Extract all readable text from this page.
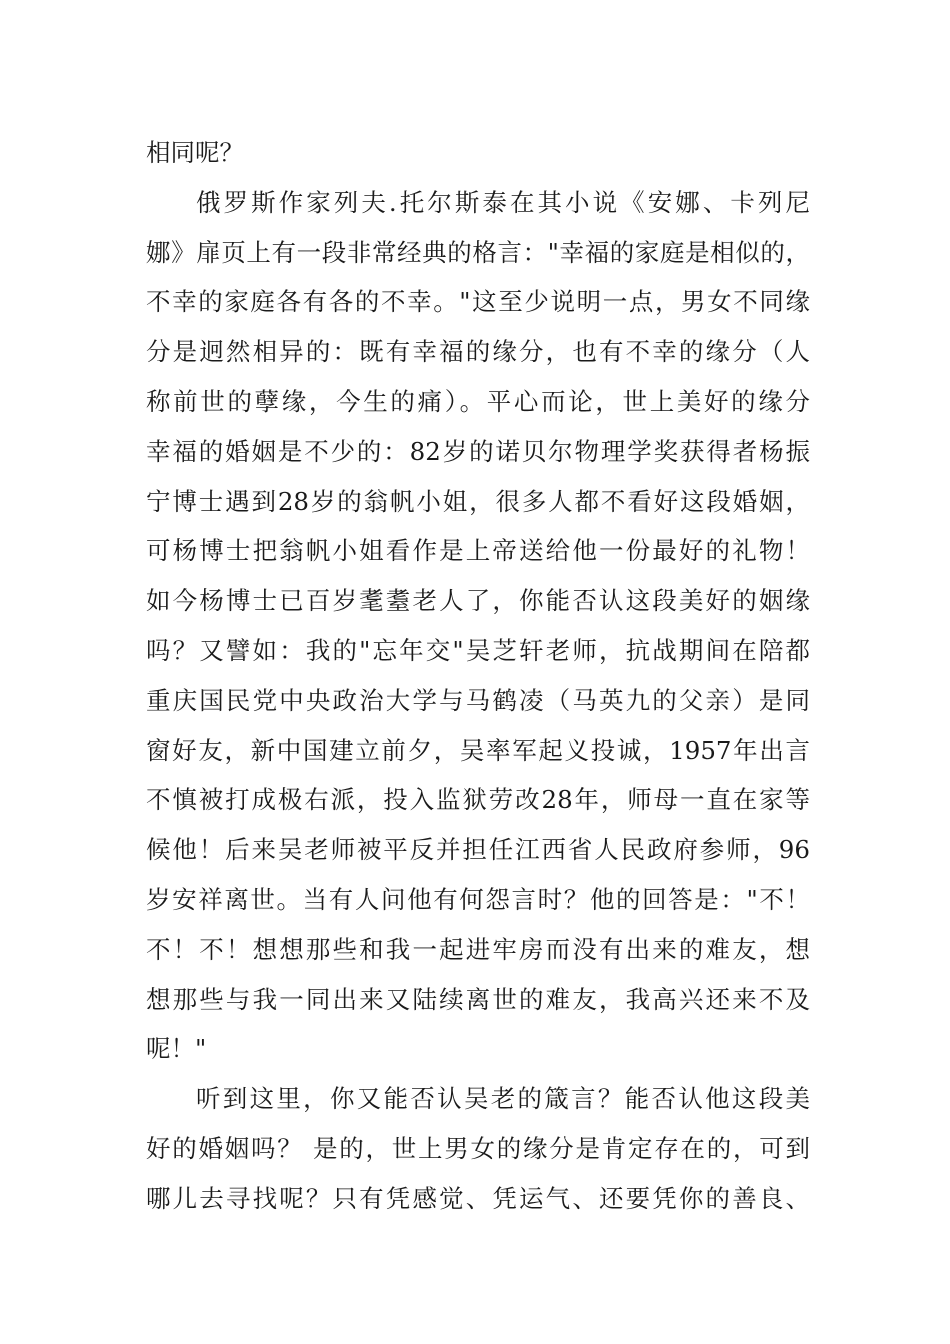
相同呢？
俄罗斯作家列夫.托尔斯泰在其小说《安娜、卡列尼
娜》扉页上有一段非常经典的格言："幸福的家庭是相似的，
不幸的家庭各有各的不幸。"这至少说明一点，男女不同缘
分是迥然相异的：既有幸福的缘分，也有不幸的缘分（人
称前世的孽缘，今生的痛）。平心而论，世上美好的缘分
幸福的婚姻是不少的：82岁的诺贝尔物理学奖获得者杨振
宁博士遇到28岁的翁帆小姐，很多人都不看好这段婚姻，
可杨博士把翁帆小姐看作是上帝送给他一份最好的礼物！
如今杨博士已百岁耄耋老人了，你能否认这段美好的姻缘
吗？又譬如：我的"忘年交"吴芝轩老师，抗战期间在陪都
重庆国民党中央政治大学与马鹤凌（马英九的父亲）是同
窗好友，新中国建立前夕，吴率军起义投诚，1957年出言
不慎被打成极右派，投入监狱劳改28年，师母一直在家等
候他！后来吴老师被平反并担任江西省人民政府参师，96
岁安祥离世。当有人问他有何怨言时？他的回答是："不！
不！不！想想那些和我一起进牢房而没有出来的难友，想
想那些与我一同出来又陆续离世的难友，我高兴还来不及
呢！"
听到这里，你又能否认吴老的箴言？能否认他这段美
好的婚姻吗？ 是的，世上男女的缘分是肯定存在的，可到
哪儿去寻找呢？只有凭感觉、凭运气、还要凭你的善良、
